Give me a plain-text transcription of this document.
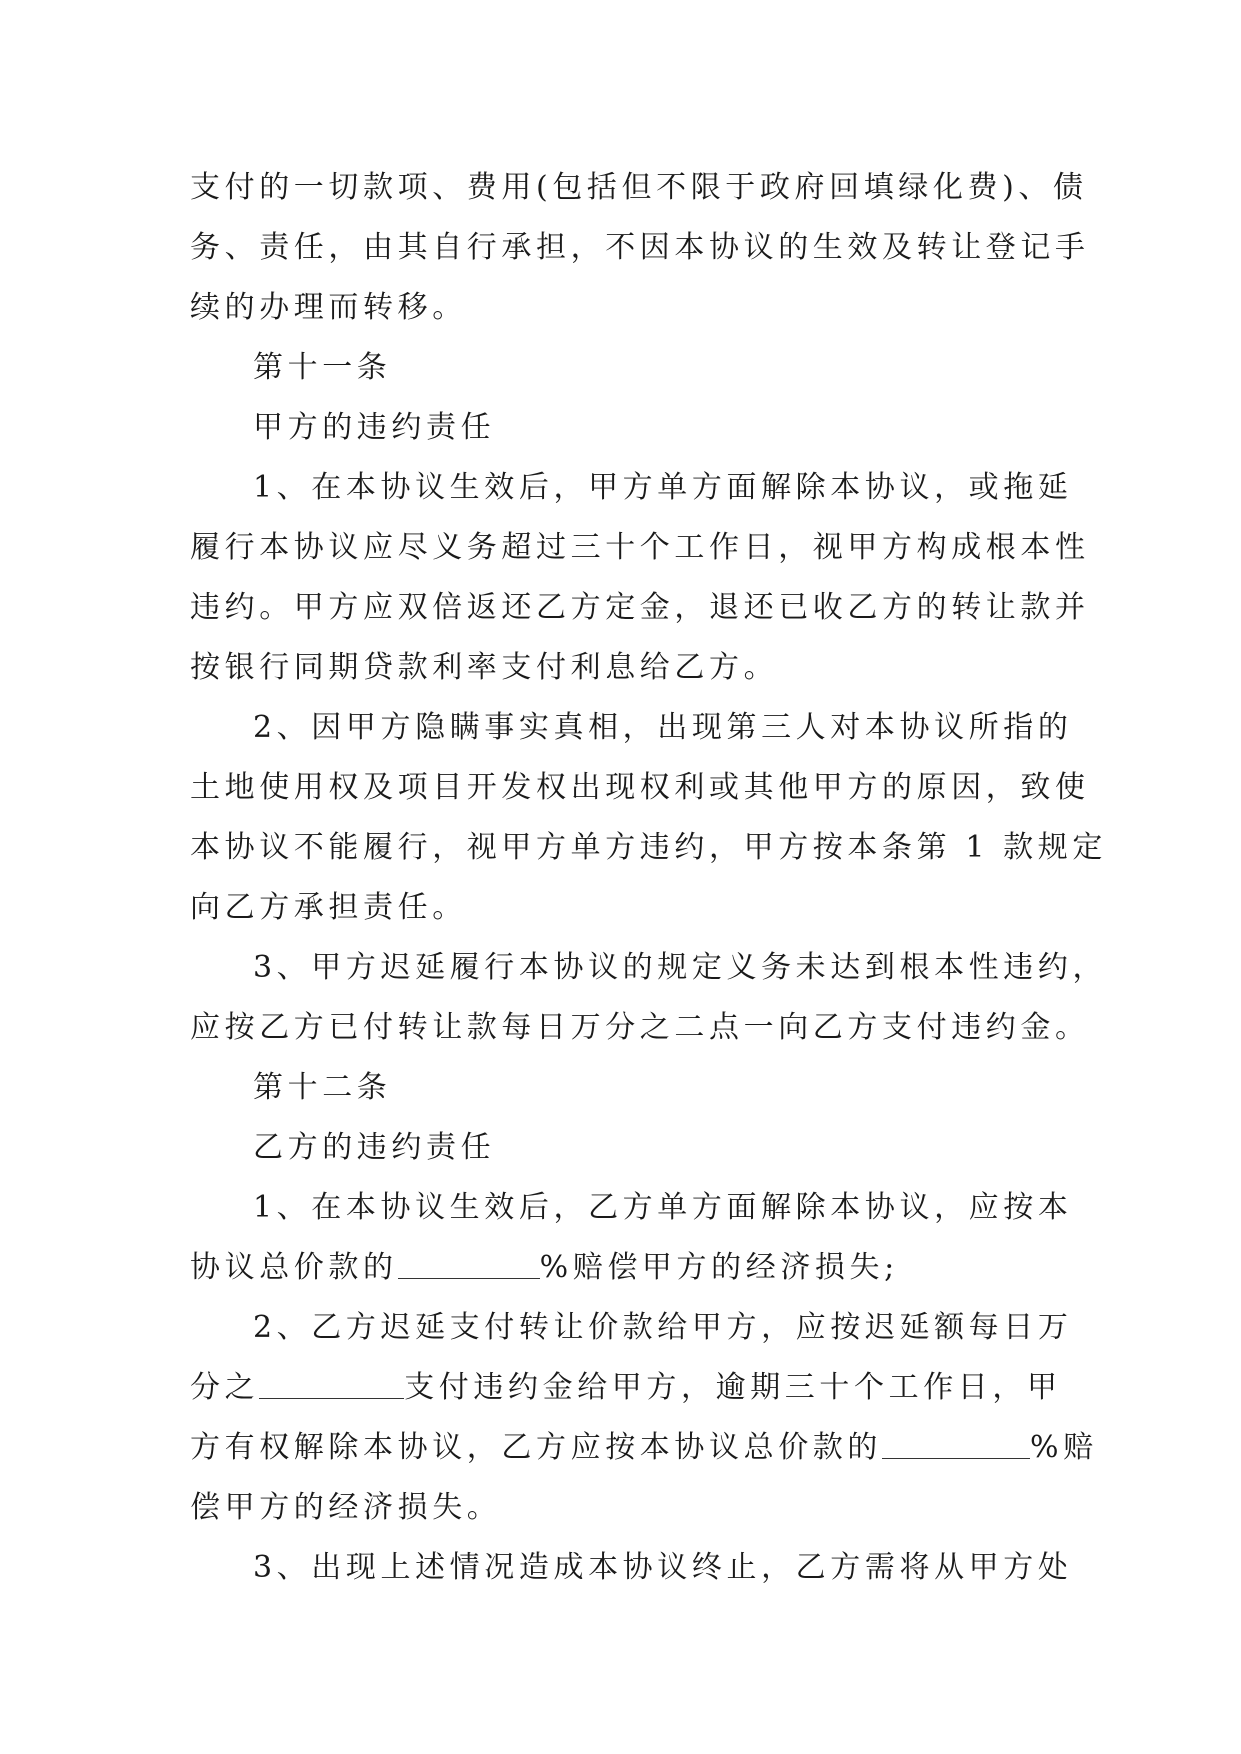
支付的一切款项、费用(包括但不限于政府回填绿化费)、债

务、责任，由其自行承担，不因本协议的生效及转让登记手

续的办理而转移。

第十一条

甲方的违约责任

1、在本协议生效后，甲方单方面解除本协议，或拖延

履行本协议应尽义务超过三十个工作日，视甲方构成根本性

违约。甲方应双倍返还乙方定金，退还已收乙方的转让款并

按银行同期贷款利率支付利息给乙方。

2、因甲方隐瞒事实真相，出现第三人对本协议所指的

土地使用权及项目开发权出现权利或其他甲方的原因，致使

本协议不能履行，视甲方单方违约，甲方按本条第 1 款规定

向乙方承担责任。

3、甲方迟延履行本协议的规定义务未达到根本性违约，

应按乙方已付转让款每日万分之二点一向乙方支付违约金。

第十二条

乙方的违约责任

1、在本协议生效后，乙方单方面解除本协议，应按本

协议总价款的	%赔偿甲方的经济损失;

2、乙方迟延支付转让价款给甲方，应按迟延额每日万

分之	支付违约金给甲方，逾期三十个工作日，甲

方有权解除本协议，乙方应按本协议总价款的	%赔

偿甲方的经济损失。

3、出现上述情况造成本协议终止，乙方需将从甲方处
